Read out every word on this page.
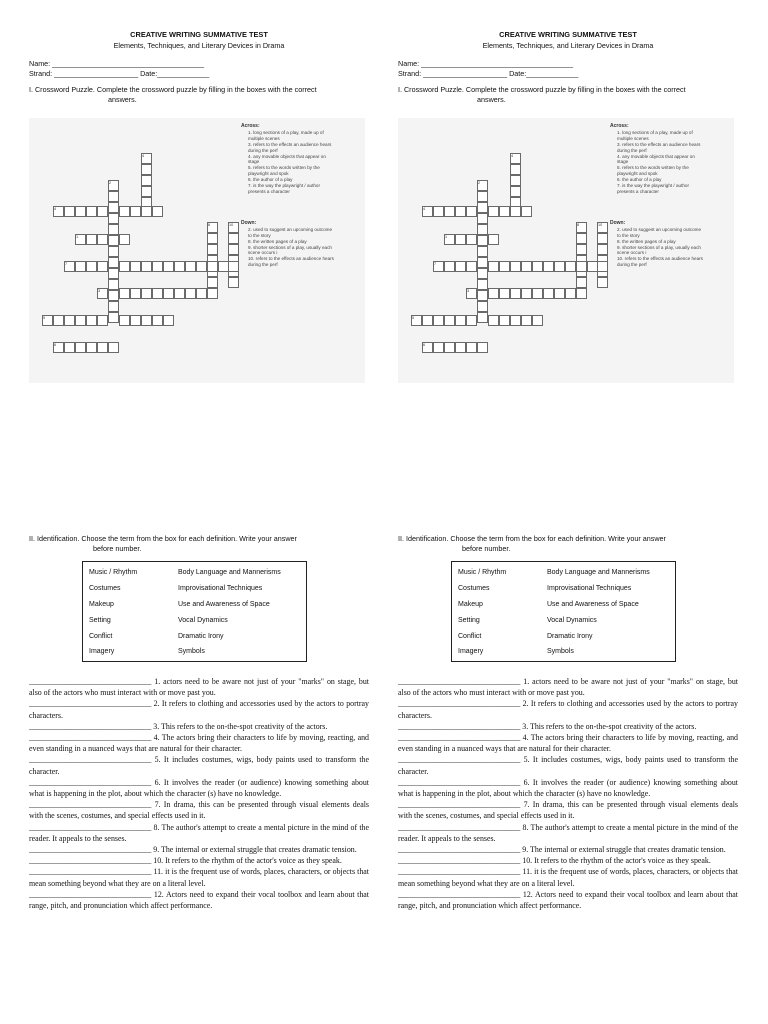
CREATIVE WRITING SUMMATIVE TEST
Elements, Techniques, and Literary Devices in Drama
Name: ______________________________________
Strand: _____________________ Date:_____________
I. Crossword Puzzle. Complete the crossword puzzle by filling in the boxes with the correct
answers.
4
2
4
8	10
1
7
3
5
6
Across:
1. long sections of a play, made up of
multiple scenes
3. refers to the effects an audience hears
during the perf
4. any movable objects that appear on
stage
5. refers to the words written by the
playwright and spok
6. the author of a play
7. is the way the playwright / author
presents a character
Down:
2. used to suggest an upcoming outcome
to the story
8. the written pages of a play
9. shorter sections of a play, usually each
scene occurs i
10. refers to the effects an audience hears
during the perf
II. Identification. Choose the term from the box for each definition. Write your answer
before number.
Music / Rhythm	Body Language and Mannerisms
Costumes	Improvisational Techniques
Makeup	Use and Awareness of Space
Setting	Vocal Dynamics
Conflict	Dramatic Irony
Imagery	Symbols
_______________________________ 1. actors need to be aware not just of your "marks" on stage, but also of the actors who must interact with or move past you.
_______________________________ 2. It refers to clothing and accessories used by the actors to portray characters.
_______________________________ 3. This refers to the on-the-spot creativity of the actors.
_______________________________ 4. The actors bring their characters to life by moving, reacting, and even standing in a nuanced ways that are natural for their character.
_______________________________ 5. It includes costumes, wigs, body paints used to transform the character.
_______________________________ 6. It involves the reader (or audience) knowing something about what is happening in the plot, about which the character (s) have no knowledge.
_______________________________ 7. In drama, this can be presented through visual elements deals with the scenes, costumes, and special effects used in it.
_______________________________ 8. The author's attempt to create a mental picture in the mind of the reader. It appeals to the senses.
_______________________________ 9. The internal or external struggle that creates dramatic tension.
_______________________________ 10. It refers to the rhythm of the actor's voice as they speak.
_______________________________ 11. it is the frequent use of words, places, characters, or objects that mean something beyond what they are on a literal level.
_______________________________ 12. Actors need to expand their vocal toolbox and learn about that range, pitch, and pronunciation which affect performance.
CREATIVE WRITING SUMMATIVE TEST
Elements, Techniques, and Literary Devices in Drama
Name: ______________________________________
Strand: _____________________ Date:_____________
I. Crossword Puzzle. Complete the crossword puzzle by filling in the boxes with the correct
answers.
4
2
4
8	10
1
7
3
5
6
Across:
1. long sections of a play, made up of
multiple scenes
3. refers to the effects an audience hears
during the perf
4. any movable objects that appear on
stage
5. refers to the words written by the
playwright and spok
6. the author of a play
7. is the way the playwright / author
presents a character
Down:
2. used to suggest an upcoming outcome
to the story
8. the written pages of a play
9. shorter sections of a play, usually each
scene occurs i
10. refers to the effects an audience hears
during the perf
II. Identification. Choose the term from the box for each definition. Write your answer
before number.
Music / Rhythm	Body Language and Mannerisms
Costumes	Improvisational Techniques
Makeup	Use and Awareness of Space
Setting	Vocal Dynamics
Conflict	Dramatic Irony
Imagery	Symbols
_______________________________ 1. actors need to be aware not just of your "marks" on stage, but also of the actors who must interact with or move past you.
_______________________________ 2. It refers to clothing and accessories used by the actors to portray characters.
_______________________________ 3. This refers to the on-the-spot creativity of the actors.
_______________________________ 4. The actors bring their characters to life by moving, reacting, and even standing in a nuanced ways that are natural for their character.
_______________________________ 5. It includes costumes, wigs, body paints used to transform the character.
_______________________________ 6. It involves the reader (or audience) knowing something about what is happening in the plot, about which the character (s) have no knowledge.
_______________________________ 7. In drama, this can be presented through visual elements deals with the scenes, costumes, and special effects used in it.
_______________________________ 8. The author's attempt to create a mental picture in the mind of the reader. It appeals to the senses.
_______________________________ 9. The internal or external struggle that creates dramatic tension.
_______________________________ 10. It refers to the rhythm of the actor's voice as they speak.
_______________________________ 11. it is the frequent use of words, places, characters, or objects that mean something beyond what they are on a literal level.
_______________________________ 12. Actors need to expand their vocal toolbox and learn about that range, pitch, and pronunciation which affect performance.
